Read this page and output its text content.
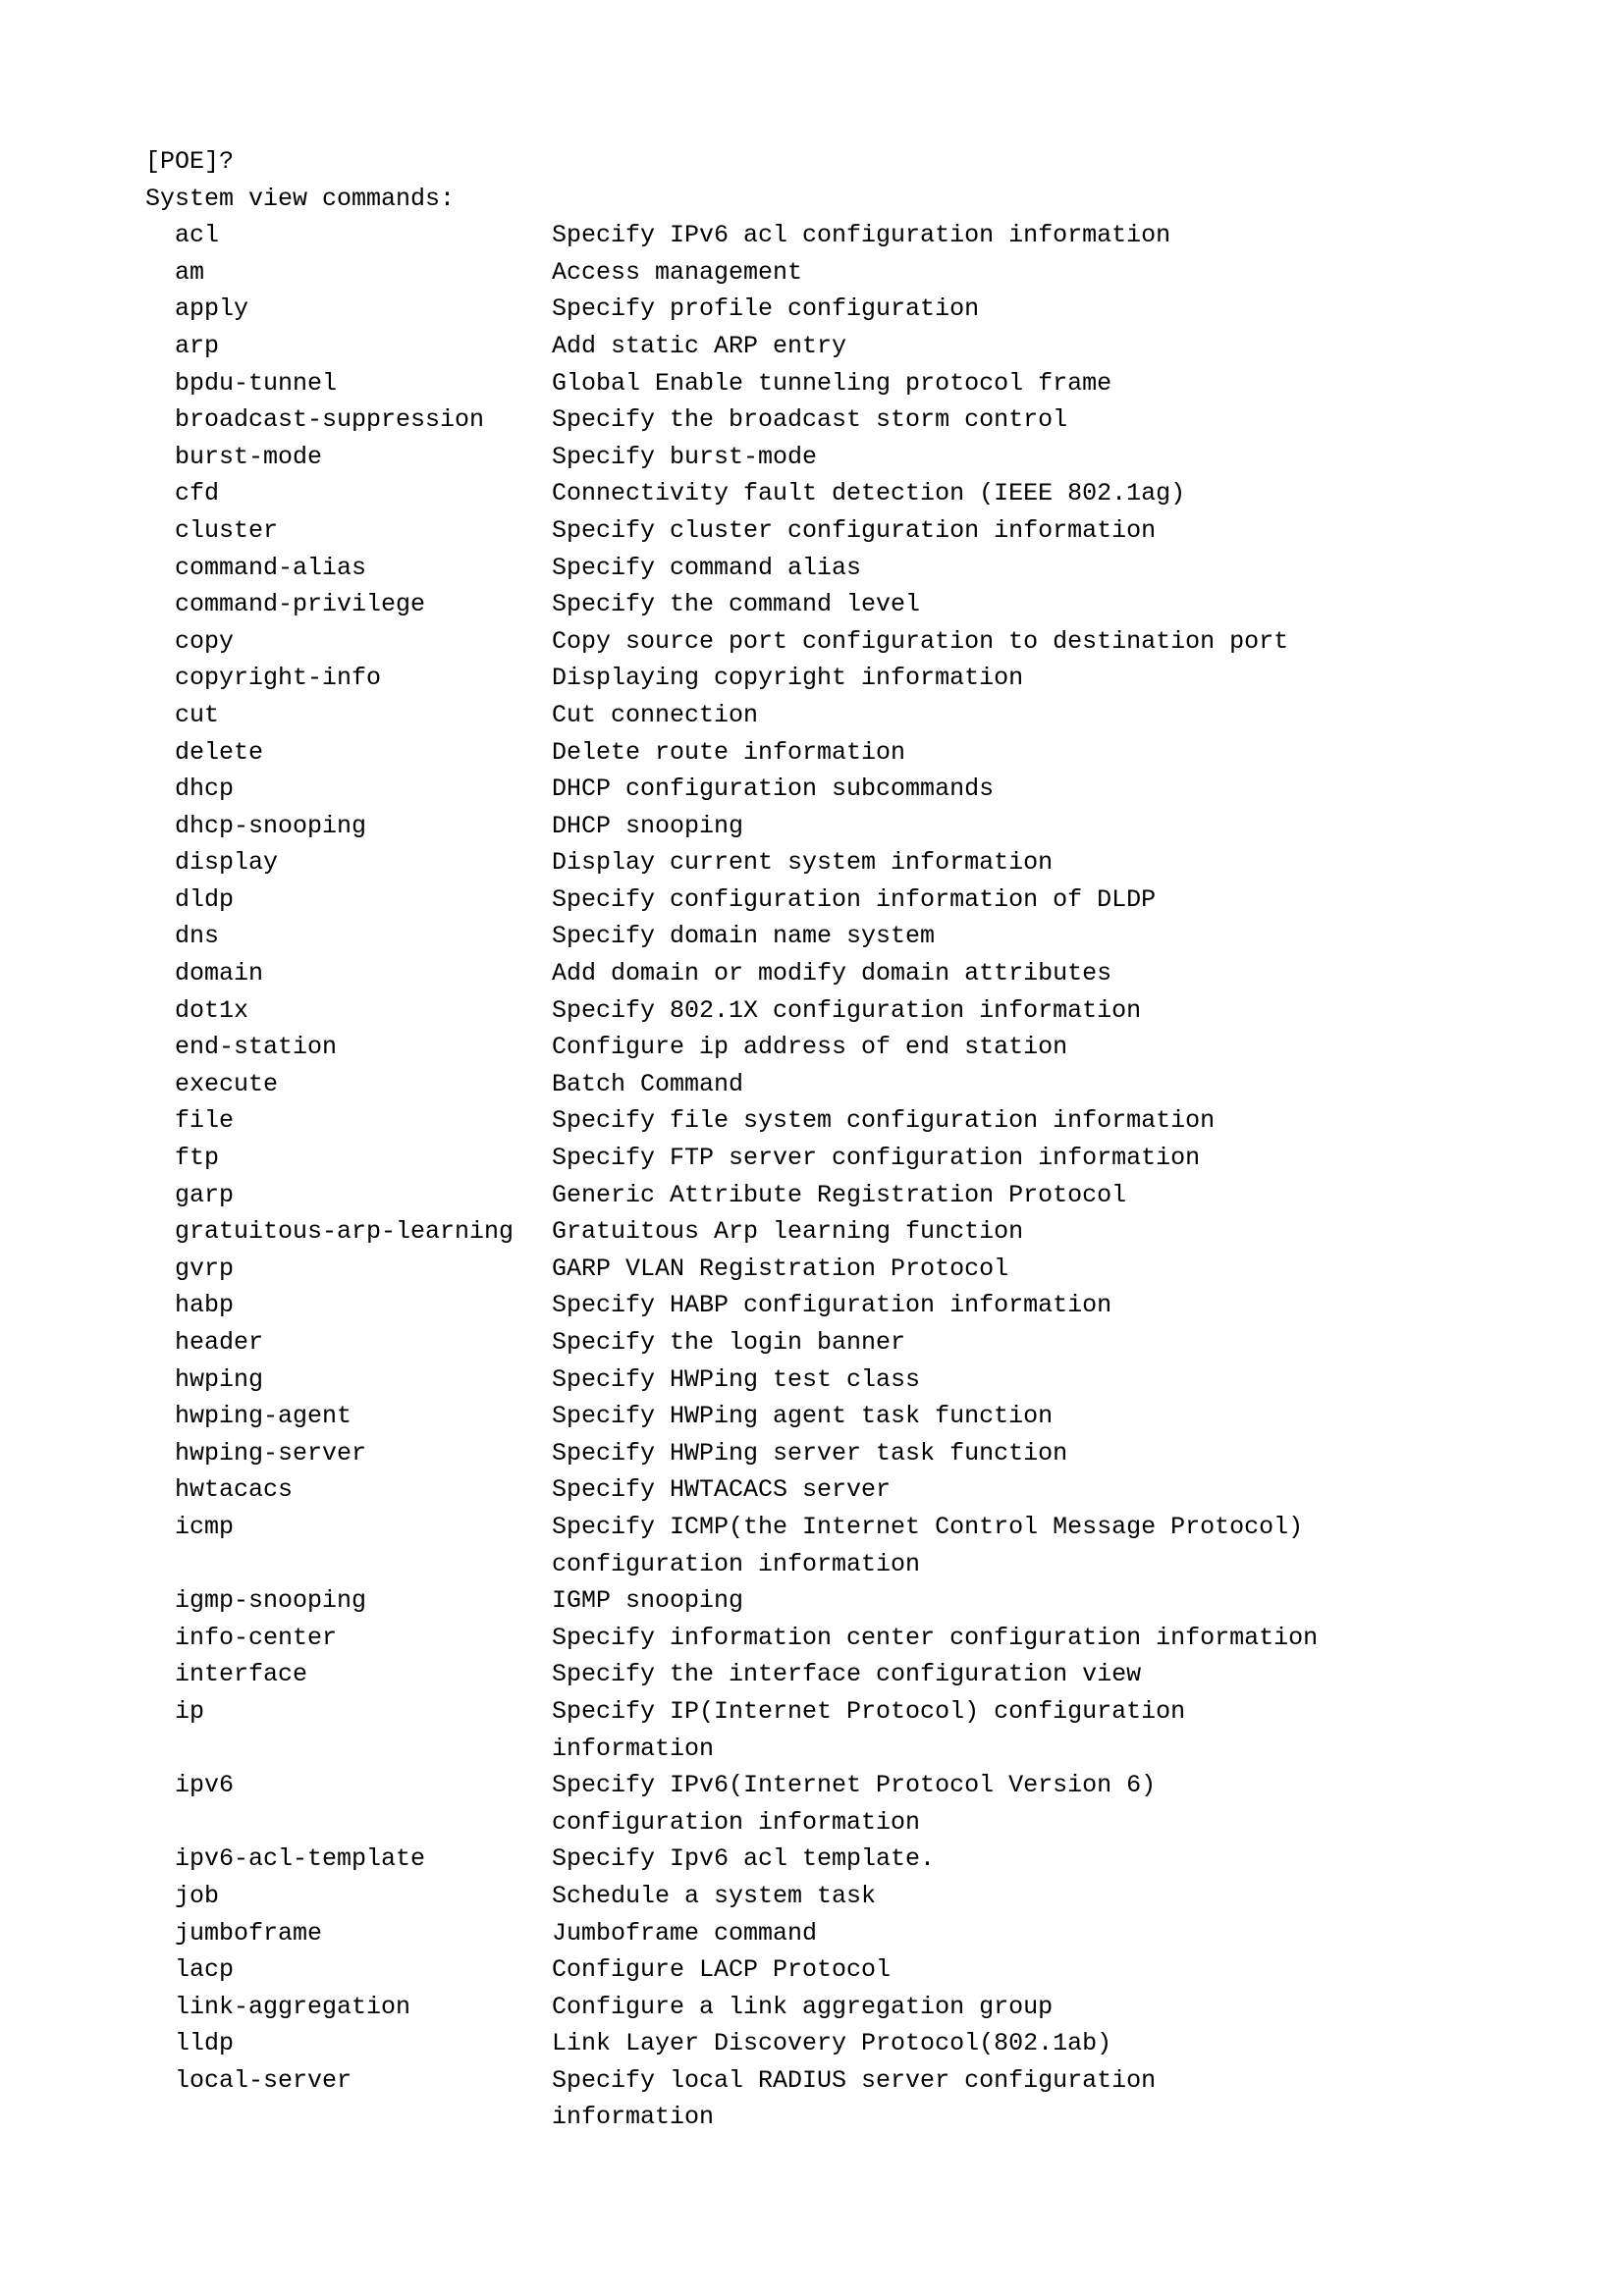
[POE]?
System view commands:
acl	Specify IPv6 acl configuration information
am	Access management
apply	Specify profile configuration
arp	Add static ARP entry
bpdu-tunnel	Global Enable tunneling protocol frame
broadcast-suppression	Specify the broadcast storm control
burst-mode	Specify burst-mode
cfd	Connectivity fault detection (IEEE 802.1ag)
cluster	Specify cluster configuration information
command-alias	Specify command alias
command-privilege	Specify the command level
copy	Copy source port configuration to destination port
copyright-info	Displaying copyright information
cut	Cut connection
delete	Delete route information
dhcp	DHCP configuration subcommands
dhcp-snooping	DHCP snooping
display	Display current system information
dldp	Specify configuration information of DLDP
dns	Specify domain name system
domain	Add domain or modify domain attributes
dot1x	Specify 802.1X configuration information
end-station	Configure ip address of end station
execute	Batch Command
file	Specify file system configuration information
ftp	Specify FTP server configuration information
garp	Generic Attribute Registration Protocol
gratuitous-arp-learning	Gratuitous Arp learning function
gvrp	GARP VLAN Registration Protocol
habp	Specify HABP configuration information
header	Specify the login banner
hwping	Specify HWPing test class
hwping-agent	Specify HWPing agent task function
hwping-server	Specify HWPing server task function
hwtacacs	Specify HWTACACS server
icmp	Specify ICMP(the Internet Control Message Protocol)
configuration information
igmp-snooping	IGMP snooping
info-center	Specify information center configuration information
interface	Specify the interface configuration view
ip	Specify IP(Internet Protocol) configuration
information
ipv6	Specify IPv6(Internet Protocol Version 6)
configuration information
ipv6-acl-template	Specify Ipv6 acl template.
job	Schedule a system task
jumboframe	Jumboframe command
lacp	Configure LACP Protocol
link-aggregation	Configure a link aggregation group
lldp	Link Layer Discovery Protocol(802.1ab)
local-server	Specify local RADIUS server configuration
information
